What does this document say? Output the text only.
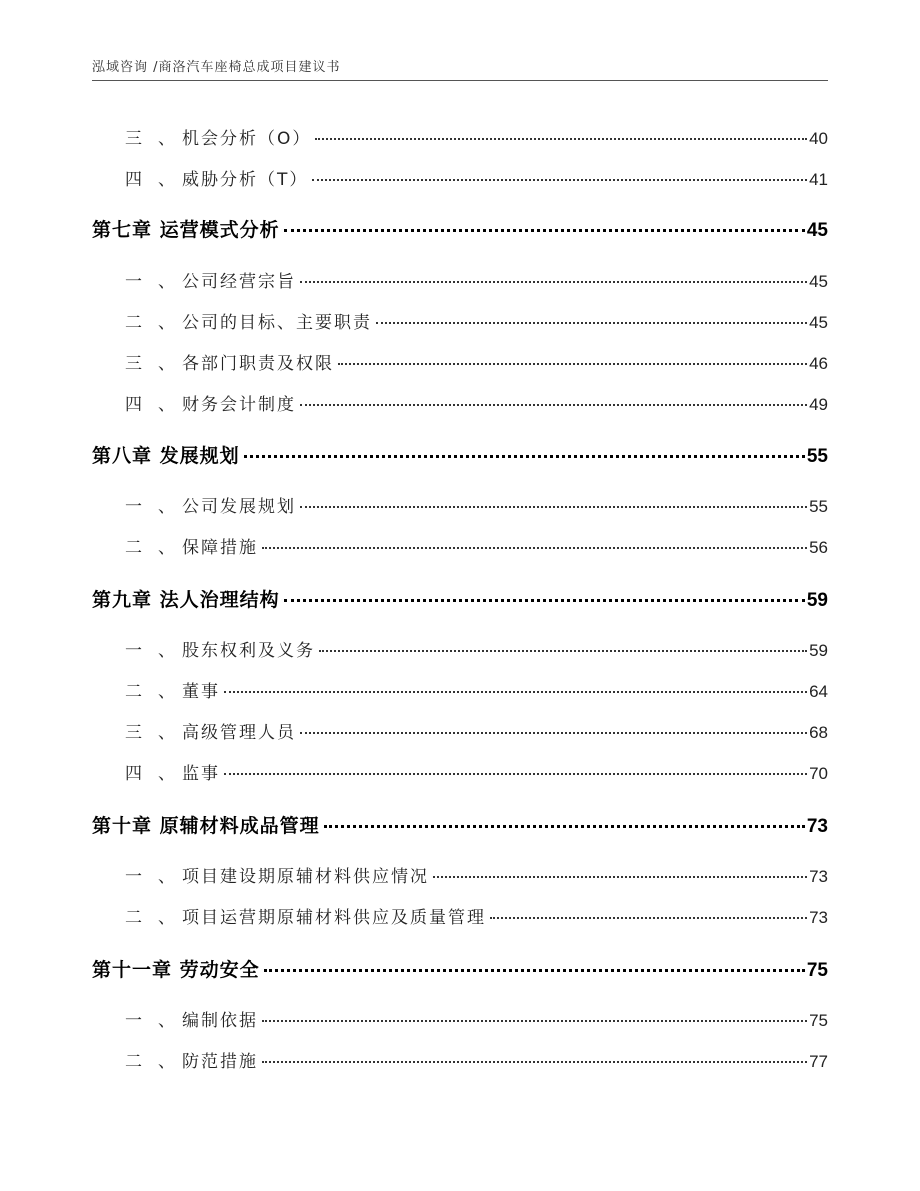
泓域咨询 /商洛汽车座椅总成项目建议书
三 、 机会分析（O）	40
四 、 威胁分析（T）	41
第七章 运营模式分析	45
一 、 公司经营宗旨	45
二 、 公司的目标、主要职责	45
三 、 各部门职责及权限	46
四 、 财务会计制度	49
第八章 发展规划	55
一 、 公司发展规划	55
二 、 保障措施	56
第九章 法人治理结构	59
一 、 股东权利及义务	59
二 、 董事	64
三 、 高级管理人员	68
四 、 监事	70
第十章 原辅材料成品管理	73
一 、 项目建设期原辅材料供应情况	73
二 、 项目运营期原辅材料供应及质量管理	73
第十一章 劳动安全	75
一 、 编制依据	75
二 、 防范措施	77
